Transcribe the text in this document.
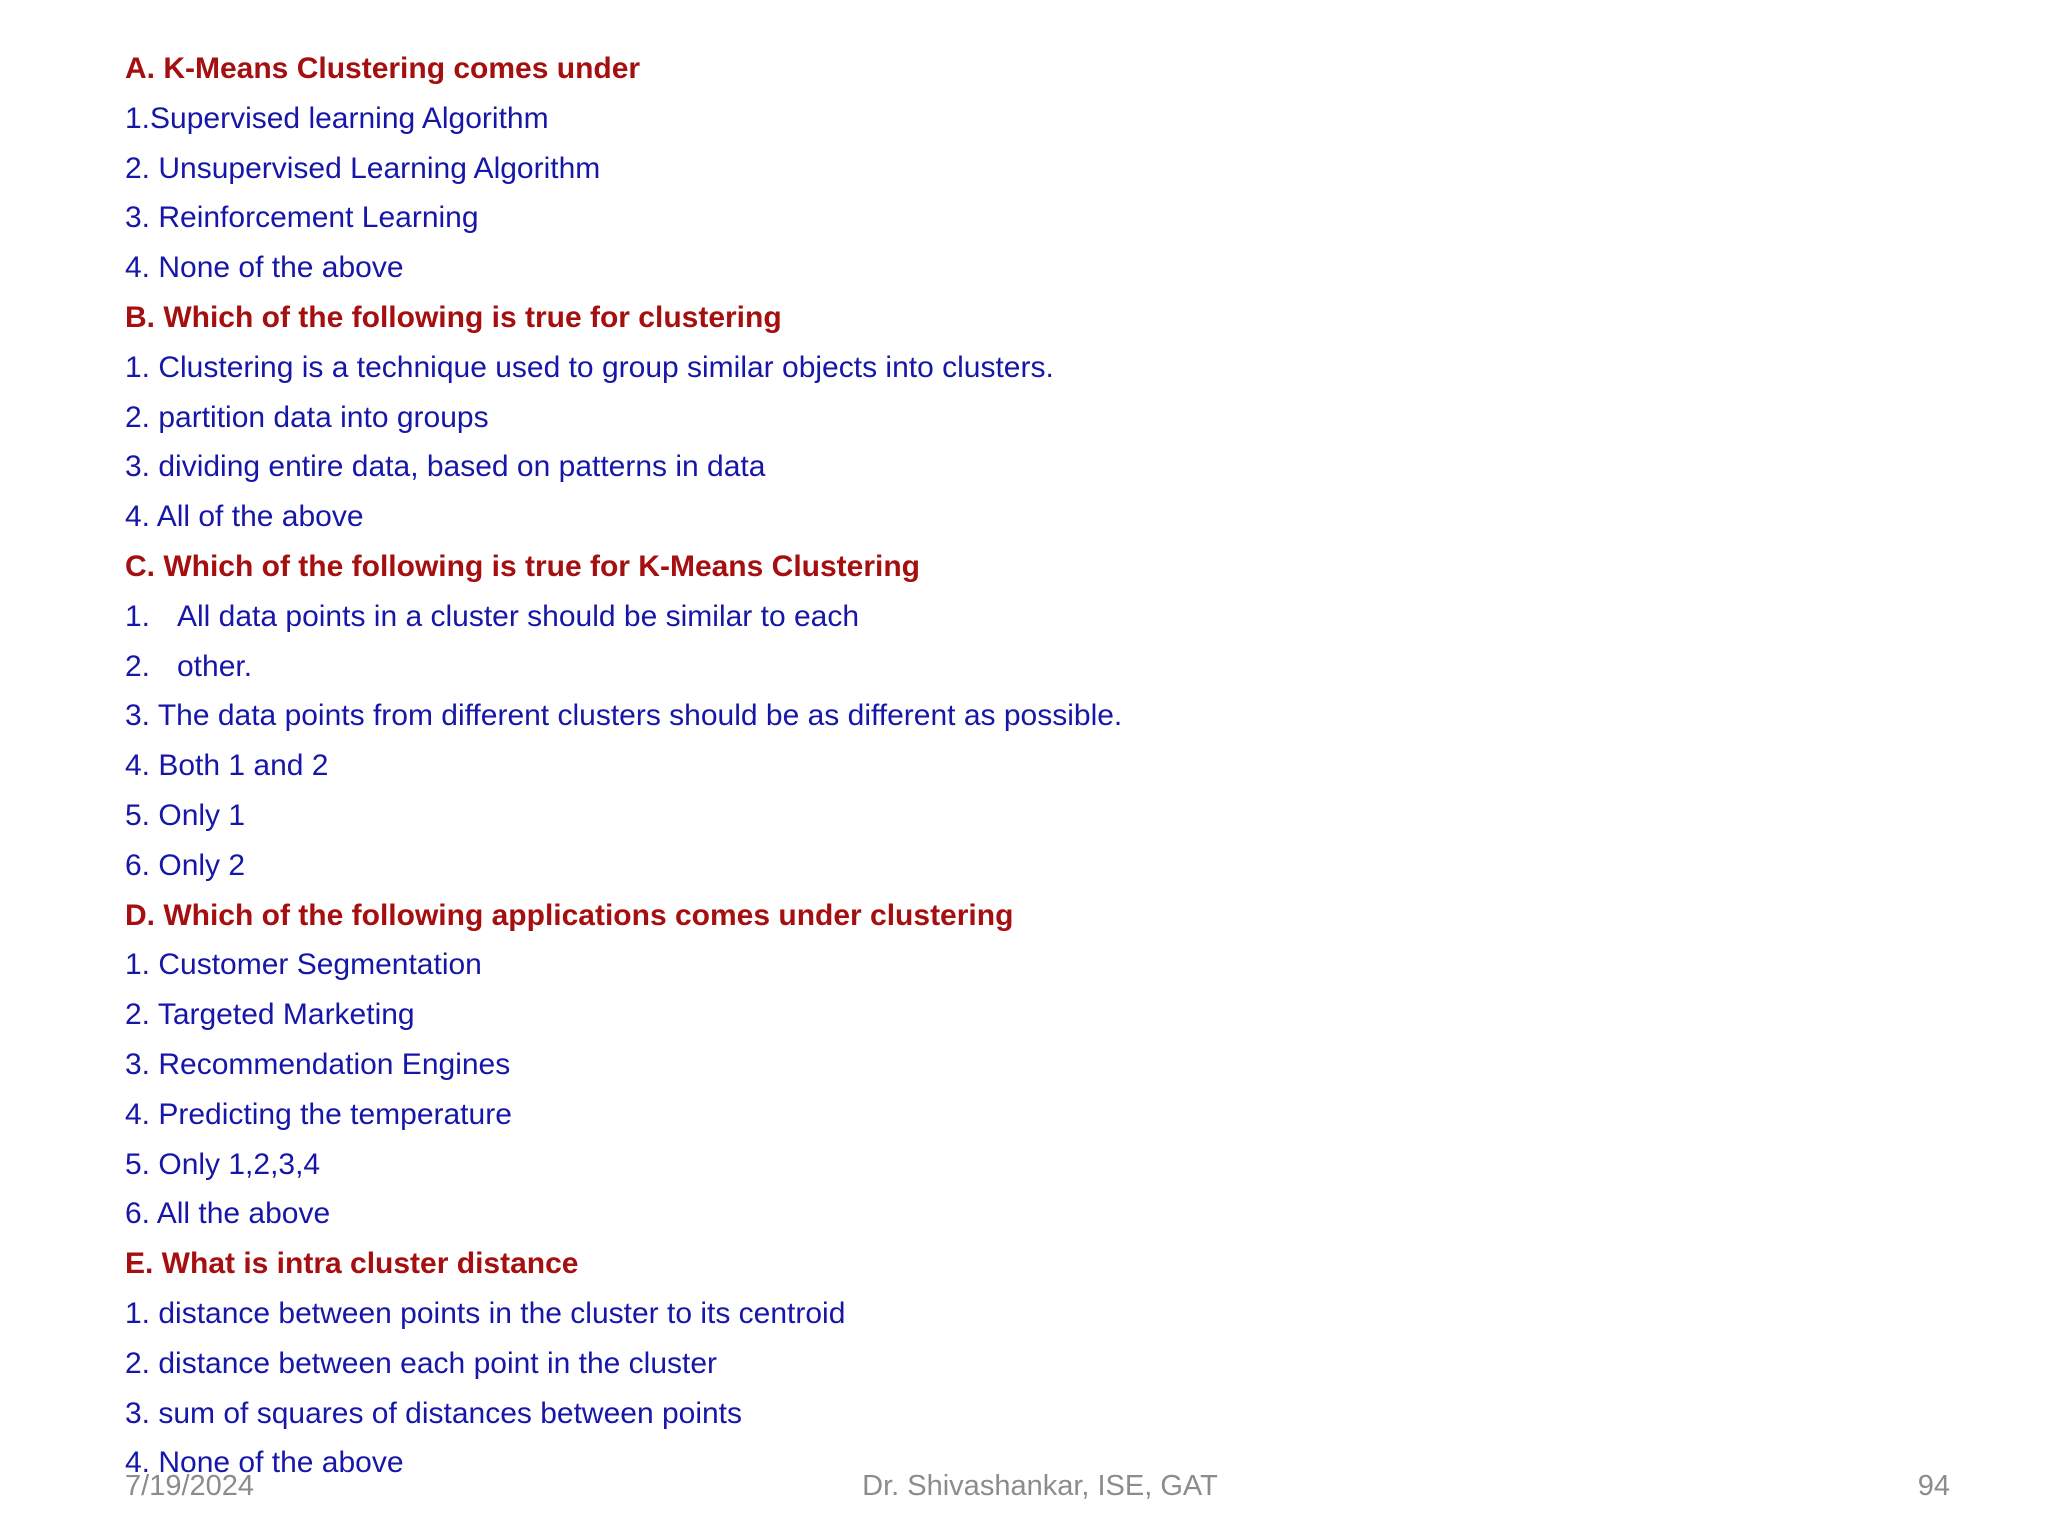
A. K-Means Clustering comes under
1.Supervised learning Algorithm
2. Unsupervised Learning Algorithm
3. Reinforcement Learning
4. None of the above
B. Which of the following is true for clustering
1. Clustering is a technique used to group similar objects into clusters.
2. partition data into groups
3. dividing entire data, based on patterns in data
4. All of the above
C. Which of the following is true for K-Means Clustering
1. All data points in a cluster should be similar to each
2. other.
3. The data points from different clusters should be as different as possible.
4. Both 1 and 2
5. Only 1
6. Only 2
D. Which of the following applications comes under clustering
1. Customer Segmentation
2. Targeted Marketing
3. Recommendation Engines
4. Predicting the temperature
5. Only 1,2,3,4
6. All the above
E. What is intra cluster distance
1. distance between points in the cluster to its centroid
2. distance between each point in the cluster
3. sum of squares of distances between points
4. None of the above
7/19/2024	Dr. Shivashankar, ISE, GAT	94
